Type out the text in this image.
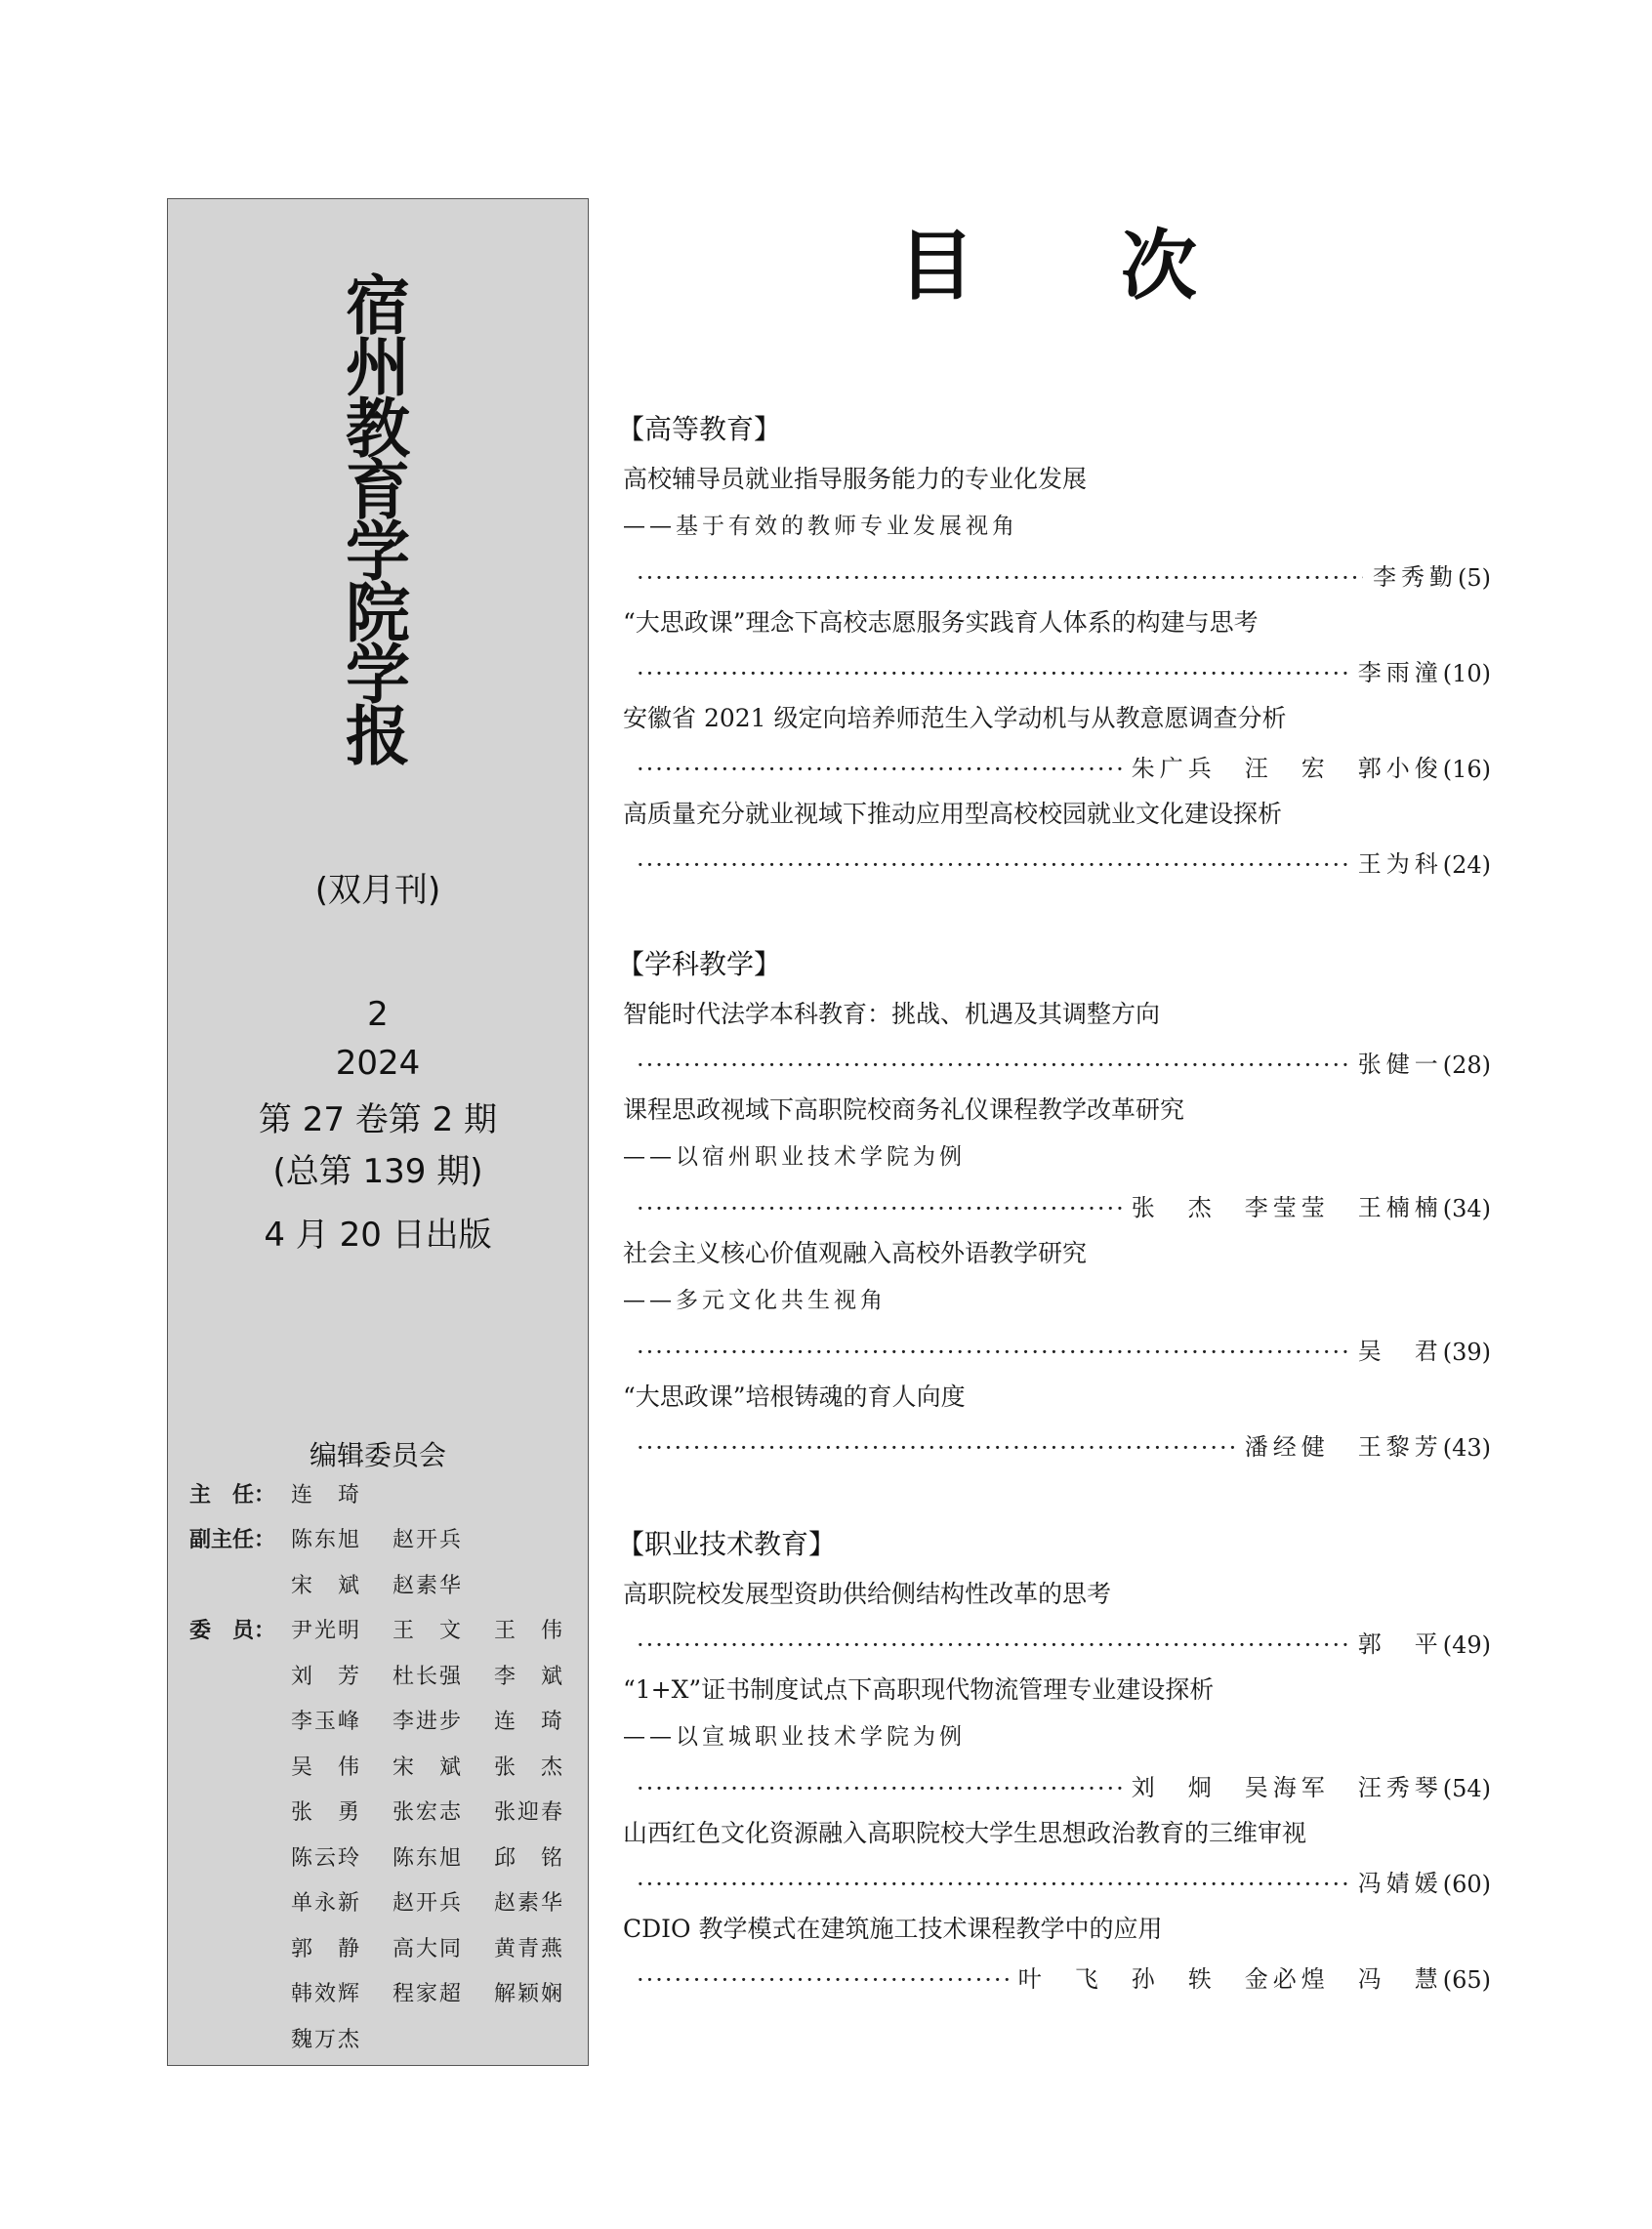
宿
州
教
育
学
院
学
报
(双月刊)
2
2024
第 27 卷第 2 期
(总第 139 期)
4 月 20 日出版
编辑委员会
主　任： 连　琦
副主任： 陈东旭	赵开兵
宋　斌	赵素华
委　员： 尹光明	王　文	王　伟
刘　芳	杜长强	李　斌
李玉峰	李进步	连　琦
吴　伟	宋　斌	张　杰
张　勇	张宏志	张迎春
陈云玲	陈东旭	邱　铭
单永新	赵开兵	赵素华
郭　静	高大同	黄青燕
韩效辉	程家超	解颖娴
魏万杰
目次
【高等教育】
高校辅导员就业指导服务能力的专业化发展
——基于有效的教师专业发展视角
·····
李秀勤 (5)
“大思政课”理念下高校志愿服务实践育人体系的构建与思考
·····
李雨潼 (10)
安徽省 2021 级定向培养师范生入学动机与从教意愿调查分析
·····
朱广兵　汪　宏　郭小俊 (16)
高质量充分就业视域下推动应用型高校校园就业文化建设探析
·····
王为科 (24)
【学科教学】
智能时代法学本科教育：挑战、机遇及其调整方向
·····
张健一 (28)
课程思政视域下高职院校商务礼仪课程教学改革研究
——以宿州职业技术学院为例
·····
张　杰　李莹莹　王楠楠 (34)
社会主义核心价值观融入高校外语教学研究
——多元文化共生视角
·····
吴　君 (39)
“大思政课”培根铸魂的育人向度
·····
潘经健　王黎芳 (43)
【职业技术教育】
高职院校发展型资助供给侧结构性改革的思考
·····
郭　平 (49)
“1+X”证书制度试点下高职现代物流管理专业建设探析
——以宣城职业技术学院为例
·····
刘　炯　吴海军　汪秀琴 (54)
山西红色文化资源融入高职院校大学生思想政治教育的三维审视
·····
冯婧媛 (60)
CDIO 教学模式在建筑施工技术课程教学中的应用
·····
叶　飞　孙　轶　金必煌　冯　慧 (65)
